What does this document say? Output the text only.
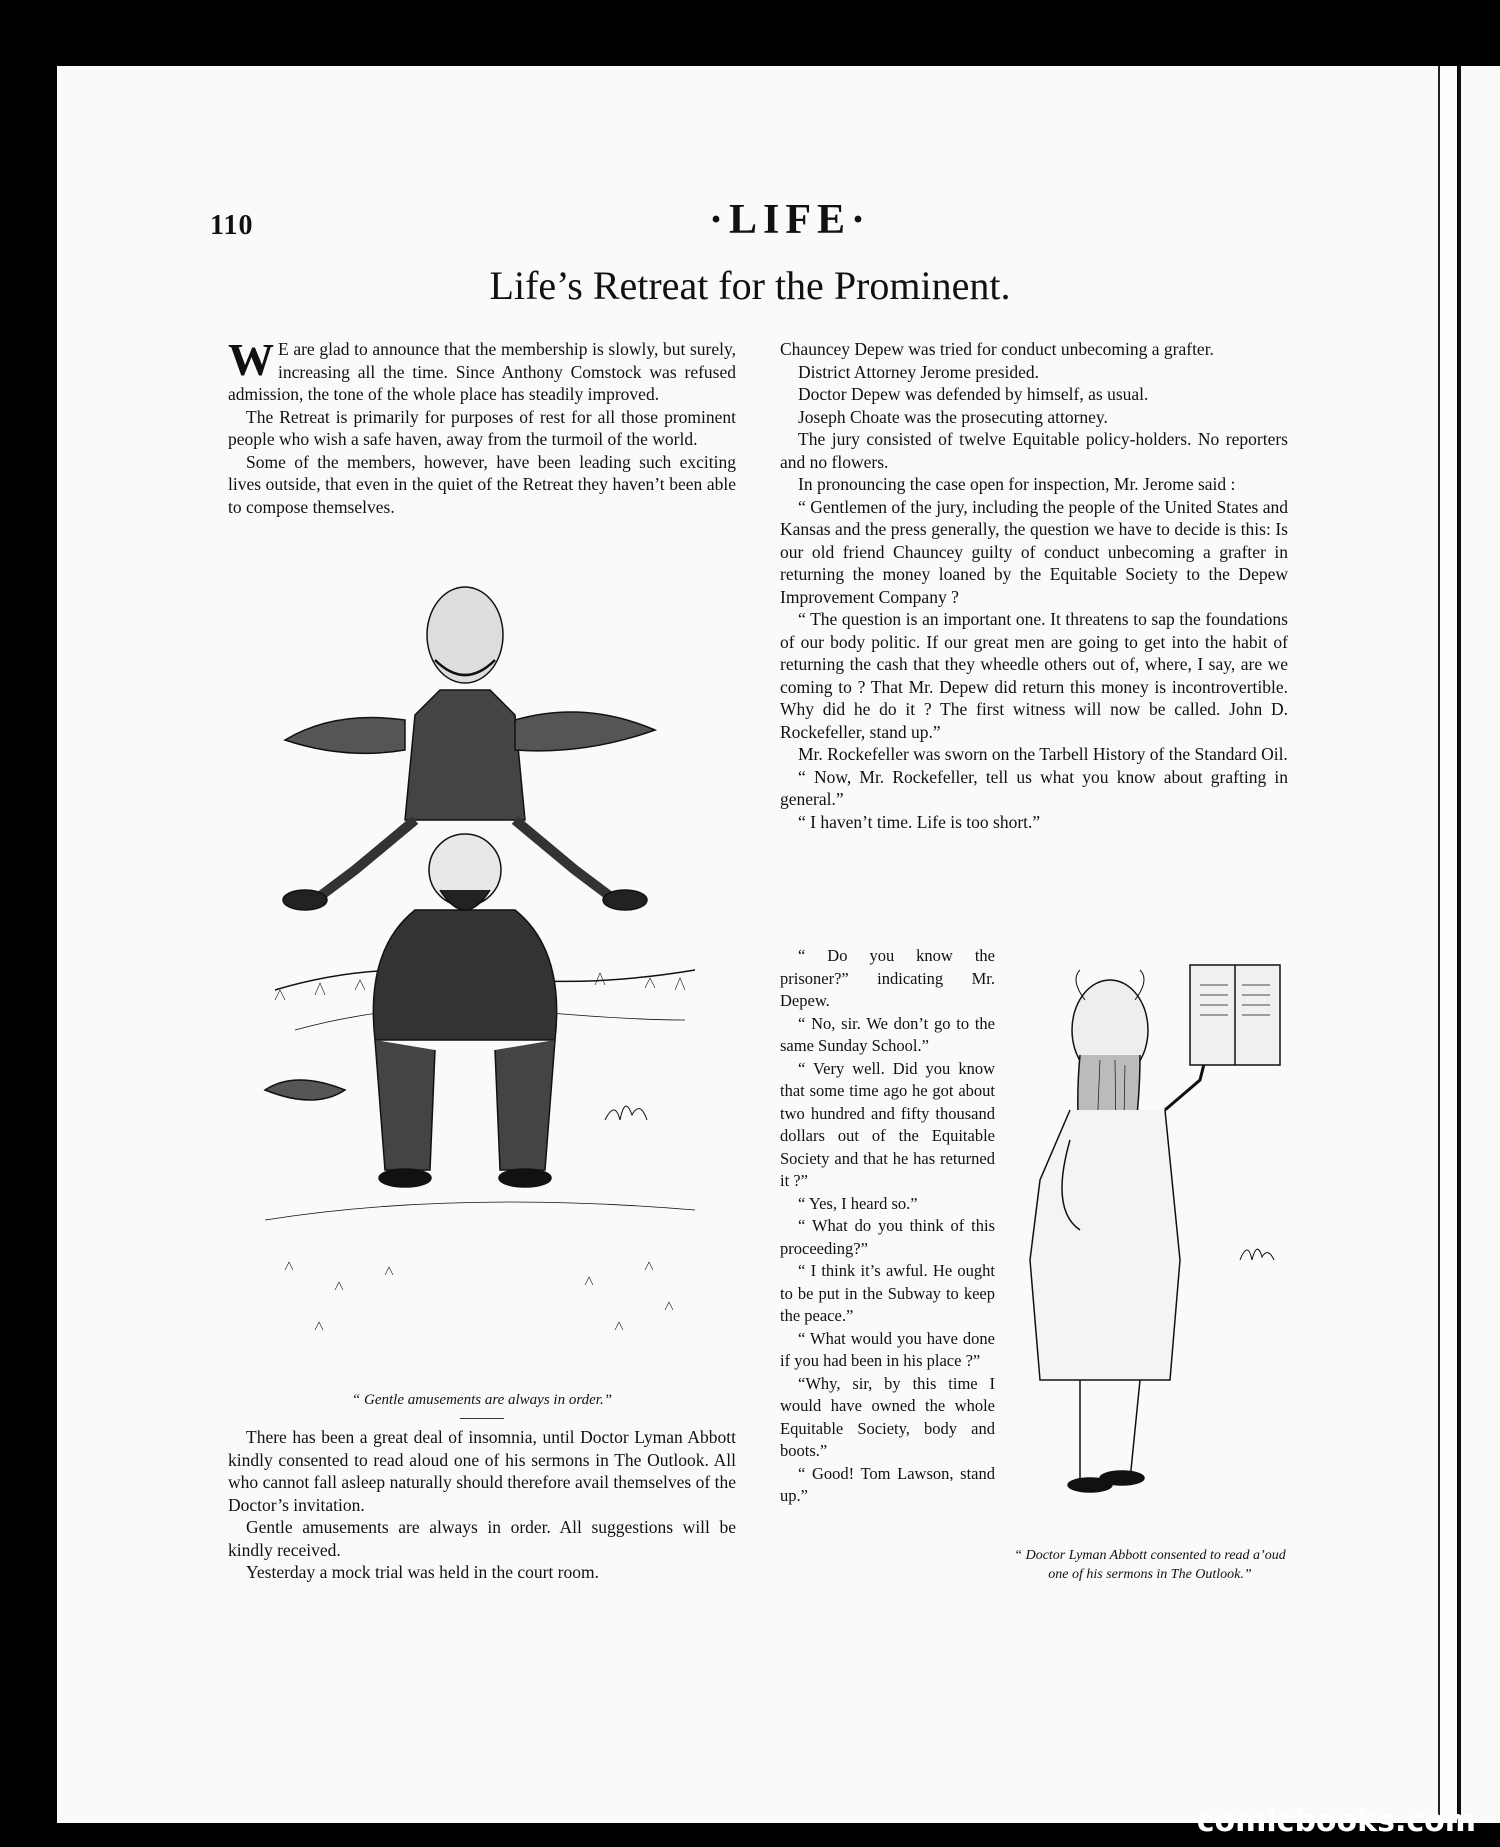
110	·LIFE·
Life’s Retreat for the Prominent.

W E are glad to announce that the membership is slowly, but surely, increasing all the time. Since Anthony Comstock was refused admission, the tone of the whole place has steadily improved.

The Retreat is primarily for purposes of rest for all those prominent people who wish a safe haven, away from the turmoil of the world.

Some of the members, however, have been leading such exciting lives outside, that even in the quiet of the Retreat they haven’t been able to compose themselves.

“ Gentle amusements are always in order.”

There has been a great deal of insomnia, until Doctor Lyman Abbott kindly consented to read aloud one of his sermons in The Outlook. All who cannot fall asleep naturally should therefore avail themselves of the Doctor’s invitation.

Gentle amusements are always in order. All suggestions will be kindly received.

Yesterday a mock trial was held in the court room.

Chauncey Depew was tried for conduct unbecoming a grafter.

District Attorney Jerome presided.

Doctor Depew was defended by himself, as usual.

Joseph Choate was the prosecuting attorney.

The jury consisted of twelve Equitable policy-holders. No reporters and no flowers.

In pronouncing the case open for inspection, Mr. Jerome said :

“ Gentlemen of the jury, including the people of the United States and Kansas and the press generally, the question we have to decide is this: Is our old friend Chauncey guilty of conduct unbecoming a grafter in returning the money loaned by the Equitable Society to the Depew Improvement Company ?

“ The question is an important one. It threatens to sap the foundations of our body politic. If our great men are going to get into the habit of returning the cash that they wheedle others out of, where, I say, are we coming to ? That Mr. Depew did return this money is incontrovertible. Why did he do it ? The first witness will now be called. John D. Rockefeller, stand up.”

Mr. Rockefeller was sworn on the Tarbell History of the Standard Oil.

“ Now, Mr. Rockefeller, tell us what you know about grafting in general.”

“ I haven’t time. Life is too short.”

“ Do you know the prisoner?” indicating Mr. Depew.

“ No, sir. We don’t go to the same Sunday School.”

“ Very well. Did you know that some time ago he got about two hundred and fifty thousand dollars out of the Equitable Society and that he has returned it ?”

“ Yes, I heard so.”

“ What do you think of this proceeding?”

“ I think it’s awful. He ought to be put in the Subway to keep the peace.”

“ What would you have done if you had been in his place ?”

“Why, sir, by this time I would have owned the whole Equitable Society, body and boots.”

“ Good! Tom Lawson, stand up.”

“ Doctor Lyman Abbott consented to read a’oud one of his sermons in The Outlook.”
comicbooks.com
